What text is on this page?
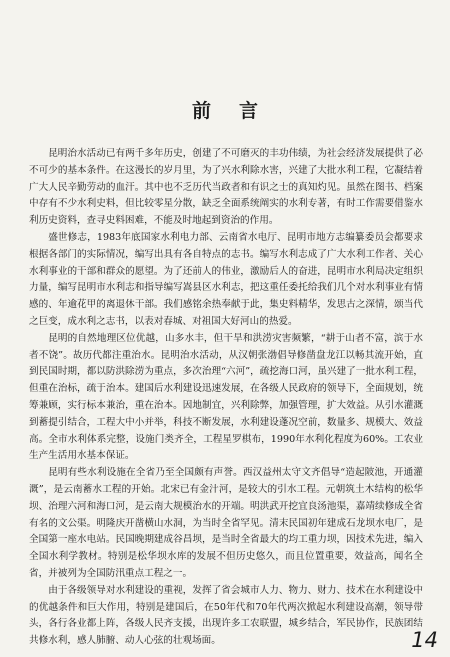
前言

昆明治水活动已有两千多年历史，创建了不可磨灭的丰功伟绩，为社会经济发展提供了必不可少的基本条件。在这漫长的岁月里，为了兴水利除水害，兴建了大批水利工程，它凝结着广大人民辛勤劳动的血汗。其中也不乏历代当政者和有识之士的真知灼见。虽然在图书、档案中存有不少水利史料，但比较零星分散，缺乏全面系统阐实的水利专著，有时工作需要借鉴水利历史资料，查寻史料困难，不能及时地起到资治的作用。

盛世修志，1983年底国家水利电力部、云南省水电厅、昆明市地方志编纂委员会都要求根据各部门的实际情况，编写出具有各自特点的志书。编写水利志成了广大水利工作者、关心水利事业的干部和群众的愿望。为了还前人的伟业，激励后人的奋进，昆明市水利局决定组织力量，编写昆明市水利志和指导编写嵩县区水利志，把这重任委托给我们几个对水利事业有情感的、年逾花甲的离退休干部。我们感铭余热奉献于此，集史料精华，发思古之深情，颂当代之巨变，成水利之志书，以表对春城、对祖国大好河山的热爱。

昆明的自然地理区位优越，山多水丰，但干旱和洪涝灾害频繁，“耕于山者不富，滨于水者不饶”。故历代都注重治水。昆明治水活动，从汉朝张渤倡导修凿盘龙江以畅其流开始，直到民国时期，都以防洪除涝为重点，多次治理“六河”，疏挖海口河，虽兴建了一批水利工程，但重在治标，疏于治本。建国后水利建设迅速发展，在各级人民政府的领导下，全面规划，统筹兼顾，实行标本兼治，重在治本。因地制宜，兴利除弊，加强管理，扩大效益。从引水灌溉到蓄提引结合，工程大中小并举，科技不断发展，水利建设蓬况空前，数量多、规模大、效益高。全市水利体系完整，设施门类齐全，工程星罗棋布，1990年水利化程度为60%。工农业生产生活用水基本保证。

昆明有些水利设施在全省乃至全国颇有声誉。西汉益州太守文齐倡导“造起陂池，开通灌溉”，是云南蓄水工程的开始。北宋已有金汁河，是较大的引水工程。元朝筑土木结构的松华坝、治理六河和海口河，是云南大规模治水的开端。明洪武开挖宜良汤池渠，嘉靖续修成全省有名的文公渠。明隆庆开凿横山水洞，为当时全省罕见。清末民国初年建成石龙坝水电厂，是全国第一座水电站。民国晚期建成谷昌坝，是当时全省最大的均工重力坝，因技术先进，编入全国水利学教材。特别是松华坝水库的发展不但历史悠久，而且位置重要，效益高，闻名全省，并被列为全国防汛重点工程之一。

由于各级领导对水利建设的重视，发挥了省会城市人力、物力、财力、技术在水利建设中的优越条件和巨大作用，特别是建国后，在50年代和70年代两次掀起水利建设高潮，领导带头，各行各业都上阵，各级人民齐支援，出现许多工农联盟，城乡结合，军民协作，民族团结共修水利，感人肺腑、动人心弦的壮观场面。	14
